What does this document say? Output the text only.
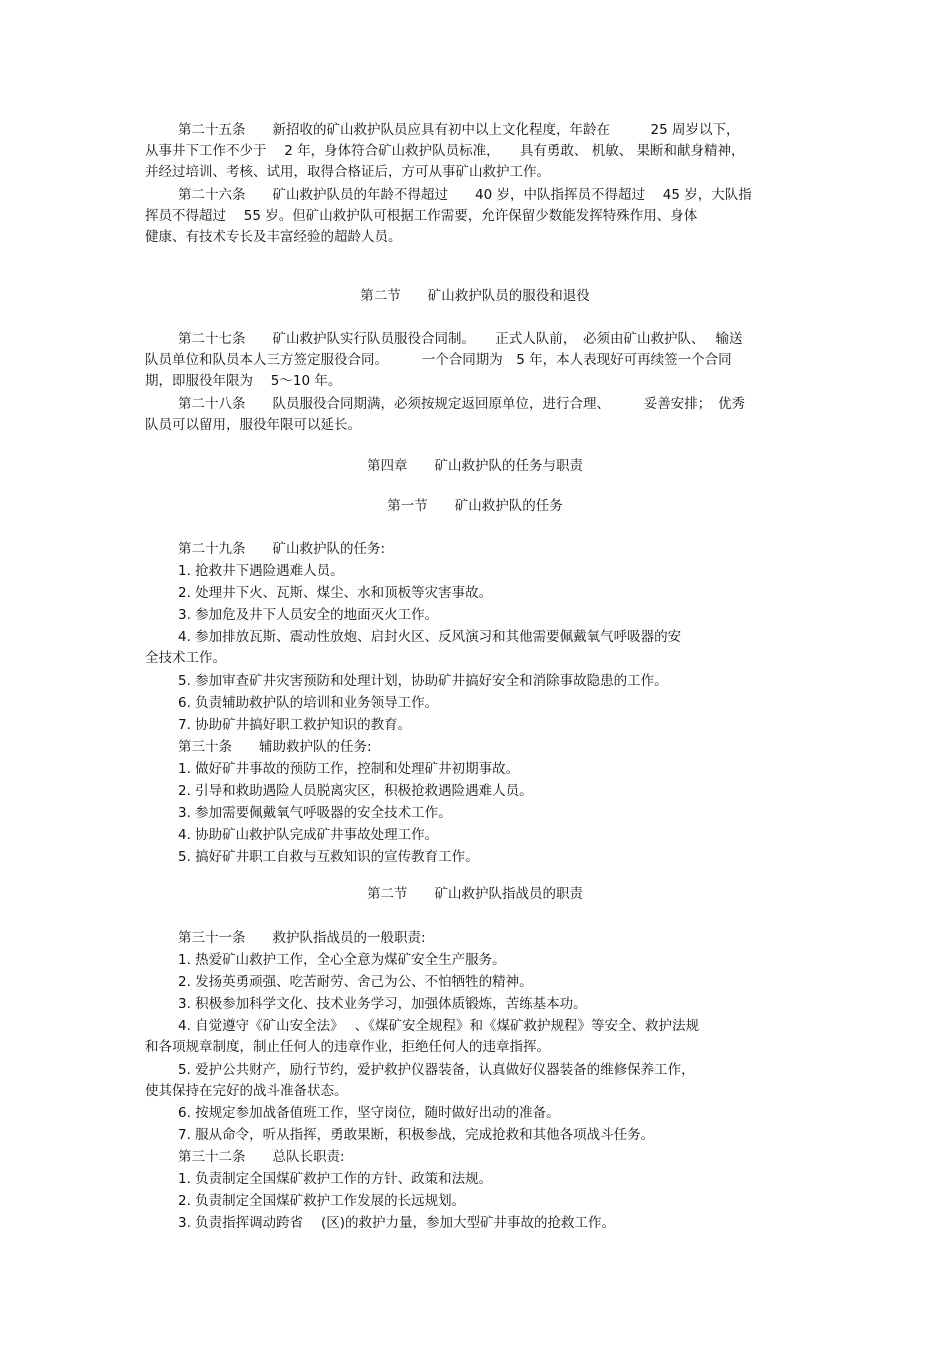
第二十五条　　新招收的矿山救护队员应具有初中以上文化程度，年龄在　　　25 周岁以下，

从事井下工作不少于　 2 年，身体符合矿山救护队员标准，　　具有勇敢、 机敏、 果断和献身精神，

并经过培训、考核、试用，取得合格证后，方可从事矿山救护工作。

第二十六条　　矿山救护队员的年龄不得超过　　40 岁，中队指挥员不得超过　 45 岁，大队指

挥员不得超过　 55 岁。但矿山救护队可根据工作需要，允许保留少数能发挥特殊作用、身体

健康、有技术专长及丰富经验的超龄人员。

第二节　　矿山救护队员的服役和退役

第二十七条　　矿山救护队实行队员服役合同制。　　正式人队前，　必须由矿山救护队、　 输送

队员单位和队员本人三方签定服役合同。　　　一个合同期为　5 年，本人表现好可再续签一个合同

期，即服役年限为　 5～10 年。

第二十八条　　队员服役合同期满，必须按规定返回原单位，进行合理、　　　妥善安排；　优秀

队员可以留用，服役年限可以延长。

第四章　　矿山救护队的任务与职责

第一节　　矿山救护队的任务

第二十九条　　矿山救护队的任务:

1. 抢救井下遇险遇难人员。

2. 处理井下火、瓦斯、煤尘、水和顶板等灾害事故。

3. 参加危及井下人员安全的地面灭火工作。

4. 参加排放瓦斯、震动性放炮、启封火区、反风演习和其他需要佩戴氧气呼吸器的安

全技术工作。

5. 参加审查矿井灾害预防和处理计划，协助矿井搞好安全和消除事故隐患的工作。

6. 负责辅助救护队的培训和业务领导工作。

7. 协助矿井搞好职工救护知识的教育。

第三十条　　辅助救护队的任务:

1. 做好矿井事故的预防工作，控制和处理矿井初期事故。

2. 引导和救助遇险人员脱离灾区，积极抢救遇险遇难人员。

3. 参加需要佩戴氧气呼吸器的安全技术工作。

4. 协助矿山救护队完成矿井事故处理工作。

5. 搞好矿井职工自救与互救知识的宣传教育工作。

第二节　　矿山救护队指战员的职责

第三十一条　　救护队指战员的一般职责:

1. 热爱矿山救护工作，全心全意为煤矿安全生产服务。

2. 发扬英勇顽强、吃苦耐劳、舍己为公、不怕牺牲的精神。

3. 积极参加科学文化、技术业务学习，加强体质锻炼，苦练基本功。

4. 自觉遵守《矿山安全法》　 、《煤矿安全规程》和《煤矿救护规程》等安全、救护法规

和各项规章制度，制止任何人的违章作业，拒绝任何人的违章指挥。

5. 爱护公共财产，励行节约，爱护救护仪器装备，认真做好仪器装备的维修保养工作，

使其保持在完好的战斗准备状态。

6. 按规定参加战备值班工作，坚守岗位，随时做好出动的准备。

7. 服从命令，听从指挥，勇敢果断，积极参战，完成抢救和其他各项战斗任务。

第三十二条　　总队长职责:

1. 负责制定全国煤矿救护工作的方针、政策和法规。

2. 负责制定全国煤矿救护工作发展的长远规划。

3. 负责指挥调动跨省　 (区)的救护力量，参加大型矿井事故的抢救工作。
